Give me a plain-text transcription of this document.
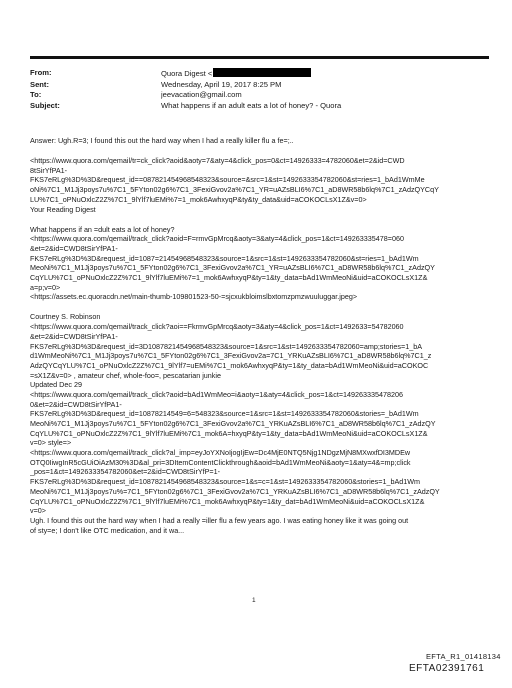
From:	Quora Digest <
Sent:	Wednesday, April 19, 2017 8:25 PM
To:	jeevacation@gmail.com
Subject:	What happens if an adult eats a lot of honey? - Quora
Answer: Ugh.R=3; I found this out the hard way when I had a really killer flu a fe=;..
<https://www.quora.com/qemail/tr=ck_click?aoid&aoty=7&aty=4&click_pos=0&ct=14926333=4782060&et=2&id=CWD
8tSirYfPA1-
FKS7eRLg%3D%3D&request_id==087821454968548323&source=&src=1&st=1492633354782060&st=ries=1_bAd1WmMe
oNi%7C1_M1Jj3poys7u%7C1_5FYton02g6%7C1_3FexiGvov2a%7C1_YR=uAZsBLI6%7C1_aD8WR58b6lq%7C1_zAdzQYCqY
LU%7C1_oPNuOxlcZ2Z%7C1_9lYlf7luEMi%7=1_mok6AwhxyqP&ty&ty_data&uid=aCOKOCLsX1Z&v=0>
Your Reading Digest
What happens if an =dult eats a lot of honey?
<https://www.quora.com/qemail/track_click?aoid=F=rmvGpMrcq&aoty=3&aty=4&click_pos=1&ct=149263335478=060
&et=2&id=CWD8tSirYfPA1-
FKS7eRLg%3D%3D&request_id=1087=21454968548323&source=1&src=1&st=1492633354782060&st=ries=1_bAd1Wm
MeoNi%7C1_M1Jj3poys7u%7C1_5FYton02g6%7C1_3FexiGvov2a%7C1_YR=uAZsBLI6%7C1_aD8WR58b6lq%7C1_zAdzQY
CqYLU%7C1_oPNuOxlcZ2Z%7C1_9lYlf7luEMi%7=1_mok6AwhxyqP&ty=1&ty_data=bAd1WmMeoNi&uid=aCOKOCLsX1Z&
a=p;v=0>
<https://assets.ec.quoracdn.net/main-thumb-109801523-50-=sjcxukbloimslbxtomzpmzwuuluggar.jpeg>
Courtney S. Robinson
<https://www.quora.com/qemail/track_click?aoi==FkrmvGpMrcq&aoty=3&aty=4&click_pos=1&ct=1492633=54782060
&et=2&id=CWD8tSirYfPA1-
FKS7eRLg%3D%3D&request_id=3D1087821454968548323&source=1&src=1&st=1492633354782060=amp;stories=1_bA
d1WmMeoNi%7C1_M1Jj3poys7u%7C1_5FYton02g6%7C1_3FexiGvov2a=7C1_YRKuAZsBLI6%7C1_aD8WR58b6lq%7C1_z
AdzQYCqYLU%7C1_oPNuOxlcZ2Z%7C1_9lYlf7=uEMi%7C1_mok6AwhxyqP&ty=1&ty_data=bAd1WmMeoNi&uid=aCOKOC
=sX1Z&v=0> , amateur chef, whole-foo=, pescatarian junkie
Updated Dec 29
<https://www.quora.com/qemail/track_click?aoid=bAd1WmMeo=i&aoty=1&aty=4&click_pos=1&ct=149263335478206
0&et=2&id=CWD8tSirYfPA1-
FKS7eRLg%3D%3D&request_id=10878214549=6=548323&source=1&src=1&st=1492633354782060&stories=_bAd1Wm
MeoNi%7C1_M1Jj3poys7u%7C1_5FYton02g6%7C1_3FexiGvov2a%7C1_YRKuAZsBLI6%7C1_aD8WR58b6lq%7C1_zAdzQY
CqYLU%7C1_oPNuOxlcZ2Z%7C1_9lYlf7luEMi%7C1_mok6A=hxyqP&ty=1&ty_data=bAd1WmMeoNi&uid=aCOKOCLsX1Z&
v=0> style=>
<https://www.quora.com/qemail/track_click?al_imp=eyJoYXNoIjogIjEw=Dc4MjE0NTQ5Njg1NDgzMjN8MXwxfDI3MDEw
OTQ0IiwgInR5cGUiOiAzM30%3D&al_pri=3DItemContentClickthrough&aoid=bAd1WmMeoNi&aoty=1&aty=4&=mp;click
_pos=1&ct=1492633354782060&et=2&id=CWD8tSirYfP=1-
FKS7eRLg%3D%3D&request_id=1087821454968548323&source=1&s=c=1&st=1492633354782060&stories=1_bAd1Wm
MeoNi%7C1_M1Jj3poys7u%=7C1_5FYton02g6%7C1_3FexiGvov2a%7C1_YRKuAZsBLI6%7C1_aD8WR58b6lq%7C1_zAdzQY
CqYLU%7C1_oPNuOxlcZ2Z%7C1_9lYlf7luEMi%7C1_mok6AwhxyqP&ty=1&ty_dat=bAd1WmMeoNi&uid=aCOKOCLsX1Z&
v=0>
Ugh. I found this out the hard way when I had a really =iller flu a few years ago. I was eating honey like it was going out
of sty=e; I don't like OTC medication, and it wa...
1
EFTA_R1_01418134
EFTA02391761
